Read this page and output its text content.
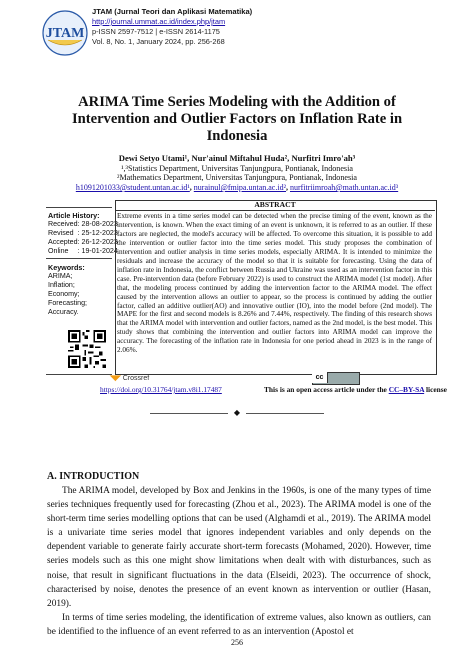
JTAM
JTAM (Jurnal Teori dan Aplikasi Matematika)
http://journal.ummat.ac.id/index.php/jtam
p-ISSN 2597-7512 | e-ISSN 2614-1175
Vol. 8, No. 1, January 2024, pp. 256-268
ARIMA Time Series Modeling with the Addition of Intervention and Outlier Factors on Inflation Rate in Indonesia
Dewi Setyo Utami¹, Nur'ainul Miftahul Huda², Nurfitri Imro'ah³
¹,³Statistics Department, Universitas Tanjungpura, Pontianak, Indonesia
²Mathematics Department, Universitas Tanjungpura, Pontianak, Indonesia
h1091201033@student.untan.ac.id¹, nurainul@fmipa.untan.ac.id², nurfitriimroah@math.untan.ac.id³
Article History:
Received	: 28-08-2023
Revised	: 25-12-2023
Accepted	: 26-12-2023
Online	: 19-01-2024
Keywords:
ARIMA;
Inflation;
Economy;
Forecasting;
Accuracy.
ABSTRACT
Extreme events in a time series model can be detected when the precise timing of the event, known as the intervention, is known. When the exact timing of an event is unknown, it is referred to as an outlier. If these factors are neglected, the model's accuracy will be affected. To overcome this situation, it is possible to add the intervention or outlier factor into the time series model. This study proposes the combination of intervention and outlier analysis in time series models, especially ARIMA. It is intended to minimize the residuals and increase the accuracy of the model so that it is suitable for forecasting. Using the data of inflation rate in Indonesia, the conflict between Russia and Ukraine was used as an intervention factor in this case. Pre-intervention data (before February 2022) is used to construct the ARIMA model (1st model). After that, the modeling process continued by adding the intervention factor to the ARIMA model. The effect caused by the intervention allows an outlier to appear, so the process is continued by adding the outlier factor, called an additive outlier(AO) and innovative outlier (IO), into the model before (2nd model). The MAPE for the first and second models is 8.26% and 7.44%, respectively. The finding of this research shows that the ARIMA model with intervention and outlier factors, named as the 2nd model, is the best model. This study shows that combining the intervention and outlier factors into ARIMA model can improve the accuracy. The forecasting of the inflation rate in Indonesia for one period ahead in 2023 is in the range of 2.06%.
◥◤ Crossref
https://doi.org/10.31764/jtam.v8i1.17487
cc
This is an open access article under the CC–BY-SA license
◆
A. INTRODUCTION

The ARIMA model, developed by Box and Jenkins in the 1960s, is one of the many types of time series techniques frequently used for forecasting (Zhou et al., 2023). The ARIMA model is one of the short-term time series modelling options that can be used (Alghamdi et al., 2019). The ARIMA model is a univariate time series model that ignores independent variables and only depends on the dependent variable to generate fairly accurate short-term forecasts (Mohamed, 2020). However, time series models such as this one might show limitations when dealt with with disturbances, such as noise, that result in significant fluctuations in the data (Elseidi, 2023). The occurrence of shock, characterised by noise, denotes the presence of an event known as intervention or outlier (Hasan, 2019).

In terms of time series modeling, the identification of extreme values, also known as outliers, can be identified to the influence of an event referred to as an intervention (Apostol et

256
